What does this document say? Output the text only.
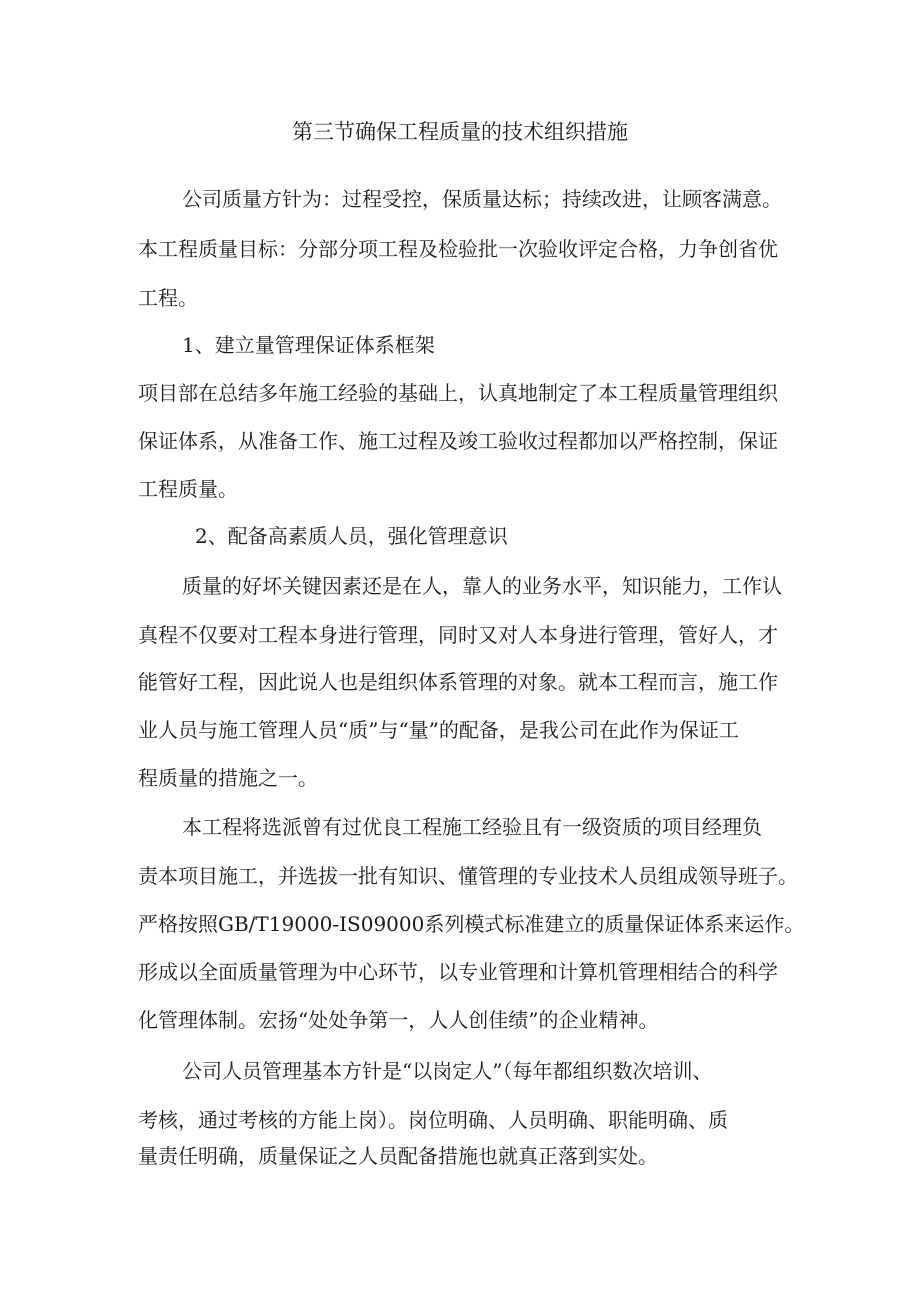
第三节确保工程质量的技术组织措施
公司质量方针为：过程受控，保质量达标；持续改进，让顾客满意。
本工程质量目标：分部分项工程及检验批一次验收评定合格，力争创省优
工程。
1、建立量管理保证体系框架
项目部在总结多年施工经验的基础上，认真地制定了本工程质量管理组织
保证体系，从准备工作、施工过程及竣工验收过程都加以严格控制，保证
工程质量。
2、配备高素质人员，强化管理意识
质量的好坏关键因素还是在人，靠人的业务水平，知识能力，工作认
真程不仅要对工程本身进行管理，同时又对人本身进行管理，管好人，才
能管好工程，因此说人也是组织体系管理的对象。就本工程而言，施工作
业人员与施工管理人员“质”与“量”的配备，是我公司在此作为保证工
程质量的措施之一。
本工程将选派曾有过优良工程施工经验且有一级资质的项目经理负
责本项目施工，并选拔一批有知识、懂管理的专业技术人员组成领导班子。
严格按照GB/T19000-IS09000系列模式标准建立的质量保证体系来运作。
形成以全面质量管理为中心环节，以专业管理和计算机管理相结合的科学
化管理体制。宏扬“处处争第一，人人创佳绩”的企业精神。
公司人员管理基本方针是“以岗定人”（每年都组织数次培训、
考核，通过考核的方能上岗）。岗位明确、人员明确、职能明确、质
量责任明确，质量保证之人员配备措施也就真正落到实处。
